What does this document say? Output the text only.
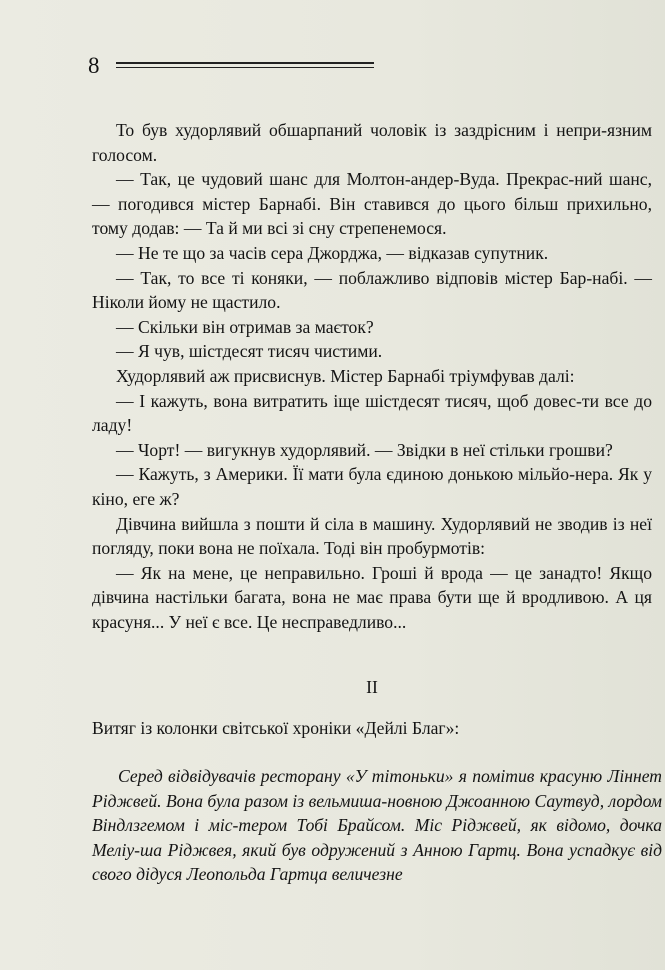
8

То був худорлявий обшарпаний чоловік із заздрісним і непри-язним голосом.

— Так, це чудовий шанс для Молтон-андер-Вуда. Прекрас-ний шанс, — погодився містер Барнабі. Він ставився до цього більш прихильно, тому додав: — Та й ми всі зі сну стрепенемося.

— Не те що за часів сера Джорджа, — відказав супутник.

— Так, то все ті коняки, — поблажливо відповів містер Бар-набі. — Ніколи йому не щастило.

— Скільки він отримав за маєток?

— Я чув, шістдесят тисяч чистими.

Худорлявий аж присвиснув. Містер Барнабі тріумфував далі:

— І кажуть, вона витратить іще шістдесят тисяч, щоб довес-ти все до ладу!

— Чорт! — вигукнув худорлявий. — Звідки в неї стільки грошви?

— Кажуть, з Америки. Її мати була єдиною донькою мільйо-нера. Як у кіно, еге ж?

Дівчина вийшла з пошти й сіла в машину. Худорлявий не зводив із неї погляду, поки вона не поїхала. Тоді він пробурмотів:

— Як на мене, це неправильно. Гроші й врода — це занадто! Якщо дівчина настільки багата, вона не має права бути ще й вродливою. А ця красуня... У неї є все. Це несправедливо...

II
Витяг із колонки світської хроніки «Дейлі Благ»:

Серед відвідувачів ресторану «У тітоньки» я помітив красуню Ліннет Ріджвей. Вона була разом із вельмиша-новною Джоанною Саутвуд, лордом Віндлзгемом і міс-тером Тобі Брайсом. Міс Ріджвей, як відомо, дочка Меліу-ша Ріджвея, який був одружений з Анною Гартц. Вона успадкує від свого дідуся Леопольда Гартца величезне
